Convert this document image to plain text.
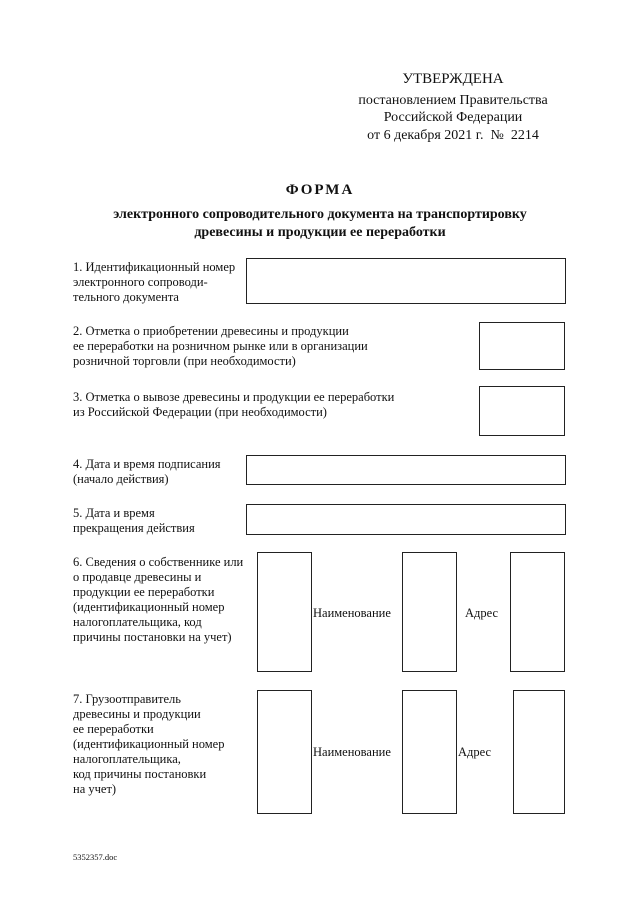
УТВЕРЖДЕНА
постановлением Правительства
Российской Федерации
от 6 декабря 2021 г.  №  2214
ФОРМА
электронного сопроводительного документа на транспортировку
древесины и продукции ее переработки
1. Идентификационный номер
электронного сопроводи-
тельного документа
2. Отметка о приобретении древесины и продукции
ее переработки на розничном рынке или в организации
розничной торговли (при необходимости)
3. Отметка о вывозе древесины и продукции ее переработки
из Российской Федерации (при необходимости)
4. Дата и время подписания
(начало действия)
5. Дата и время
прекращения действия
6. Сведения о собственнике или
о продавце древесины и
продукции ее переработки
(идентификационный номер
налогоплательщика, код
причины постановки на учет)
Наименование	Адрес
7. Грузоотправитель
древесины и продукции
ее переработки
(идентификационный номер
налогоплательщика,
код причины постановки
на учет)
Наименование	Адрес
5352357.doc
